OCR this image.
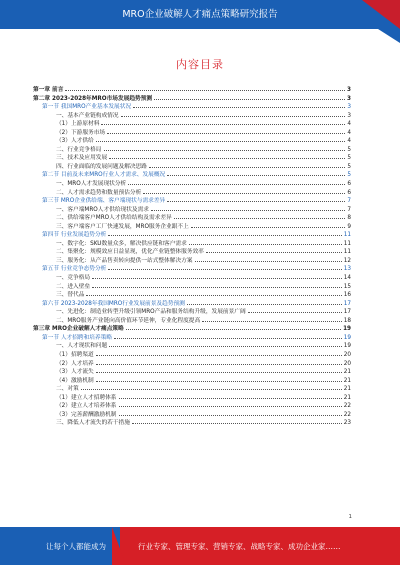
MRO企业破解人才痛点策略研究报告
内容目录
第一章 前言	3
第二章 2023-2028年MRO市场发展趋势预测	3
第一节 我国MRO产业基本发展状况	3
一、基本产业链构成情况	3
（1）上游原材料	4
（2）下游服务市场	4
（3）人才供给	4
二、行业竞争格局	5
三、技术及应用发展	5
四、行业面临的发展问题及解决思路	5
第二节 目前及未来MRO行业人才需求、发展概况	5
一、MRO人才发展现状分析	6
二、人才需求趋势和数量预估分析	6
第三节 MRO企业供给端、客户端现状与需求差异	7
一、客户端MRO人才供给现状及需求	7
二、供给端客户MRO人才供给结构及需求差异	8
三、客户端客户工厂快速发展，MRO服务企业跟不上	9
第四节 行业发展趋势分析	11
一、数字化：SKU数量众多，解决供应链和客户需求	11
二、集聚化：规模效应日益显现，优化产业链整体服务效率	11
三、服务化：从产品售卖转向提供一站式整体解决方案	12
第五节 行业竞争态势分析	13
一、竞争格局	14
二、进入壁垒	15
三、替代品	16
第六节 2023-2028年我国MRO行业发展前景及趋势预测	17
一、先进化：制造业转型升级引领MRO产品和服务结构升级，发展前景广阔	17
二、MRO服务产业链向高价值环节延伸，专业化程度提高	18
第三章 MRO企业破解人才痛点策略	19
第一节 人才招聘和培养策略	19
一、人才现状和问题	19
（1）招聘渠道	20
（2）人才培养	20
（3）人才流失	21
（4）激励机制	21
二、对策	21
（1）建立人才招聘体系	21
（2）建立人才培养体系	22
（3）完善薪酬激励机制	22
三、降低人才流失的若干措施	23
1
让每个人都能成为	行业专家、管理专家、营销专家、战略专家、成功企业家……
